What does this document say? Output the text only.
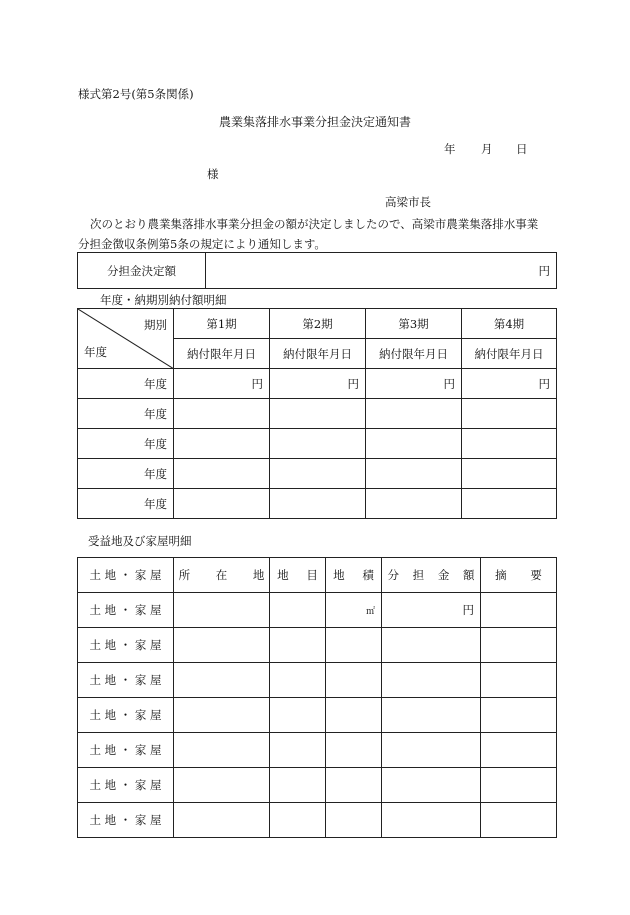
様式第2号(第5条関係)
農業集落排水事業分担金決定通知書
年 月 日
様
高梁市長
次のとおり農業集落排水事業分担金の額が決定しましたので、高梁市農業集落排水事業
分担金徴収条例第5条の規定により通知します。
分担金決定額	円
年度・納期別納付額明細
期別
年度	第1期	第2期	第3期	第4期
	納付限年月日	納付限年月日	納付限年月日	納付限年月日
年度	円	円	円	円
年度				
年度				
年度				
年度				
受益地及び家屋明細
土 地 ・ 家 屋	所 在 地	地 目	地 積	分 担 金 額	摘 要
土 地 ・ 家 屋			㎡	円	
土 地 ・ 家 屋					
土 地 ・ 家 屋					
土 地 ・ 家 屋					
土 地 ・ 家 屋					
土 地 ・ 家 屋					
土 地 ・ 家 屋					
